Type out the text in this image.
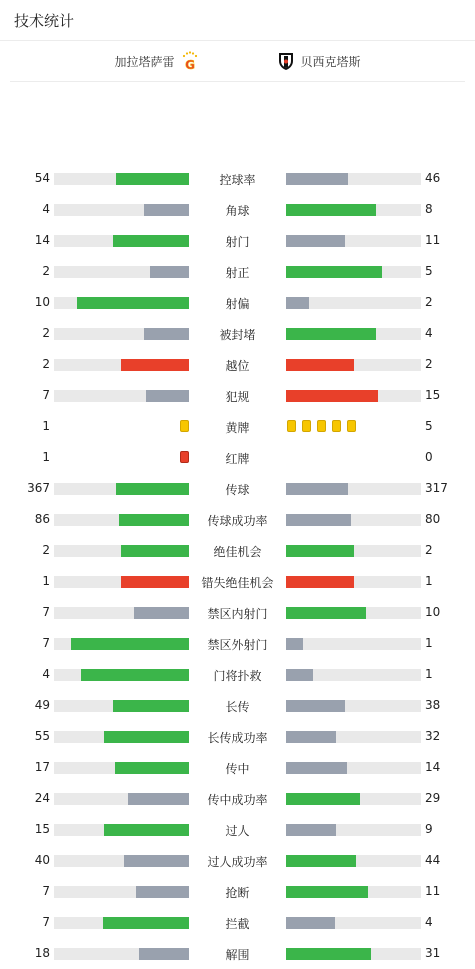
技术统计
加拉塔萨雷 G	贝西克塔斯
54	控球率	46
4	角球	8
14	射门	11
2	射正	5
10	射偏	2
2	被封堵	4
2	越位	2
7	犯规	15
1	黄牌	5
1	红牌	0
367	传球	317
86	传球成功率	80
2	绝佳机会	2
1	错失绝佳机会	1
7	禁区内射门	10
7	禁区外射门	1
4	门将扑救	1
49	长传	38
55	长传成功率	32
17	传中	14
24	传中成功率	29
15	过人	9
40	过人成功率	44
7	抢断	11
7	拦截	4
18	解围	31
